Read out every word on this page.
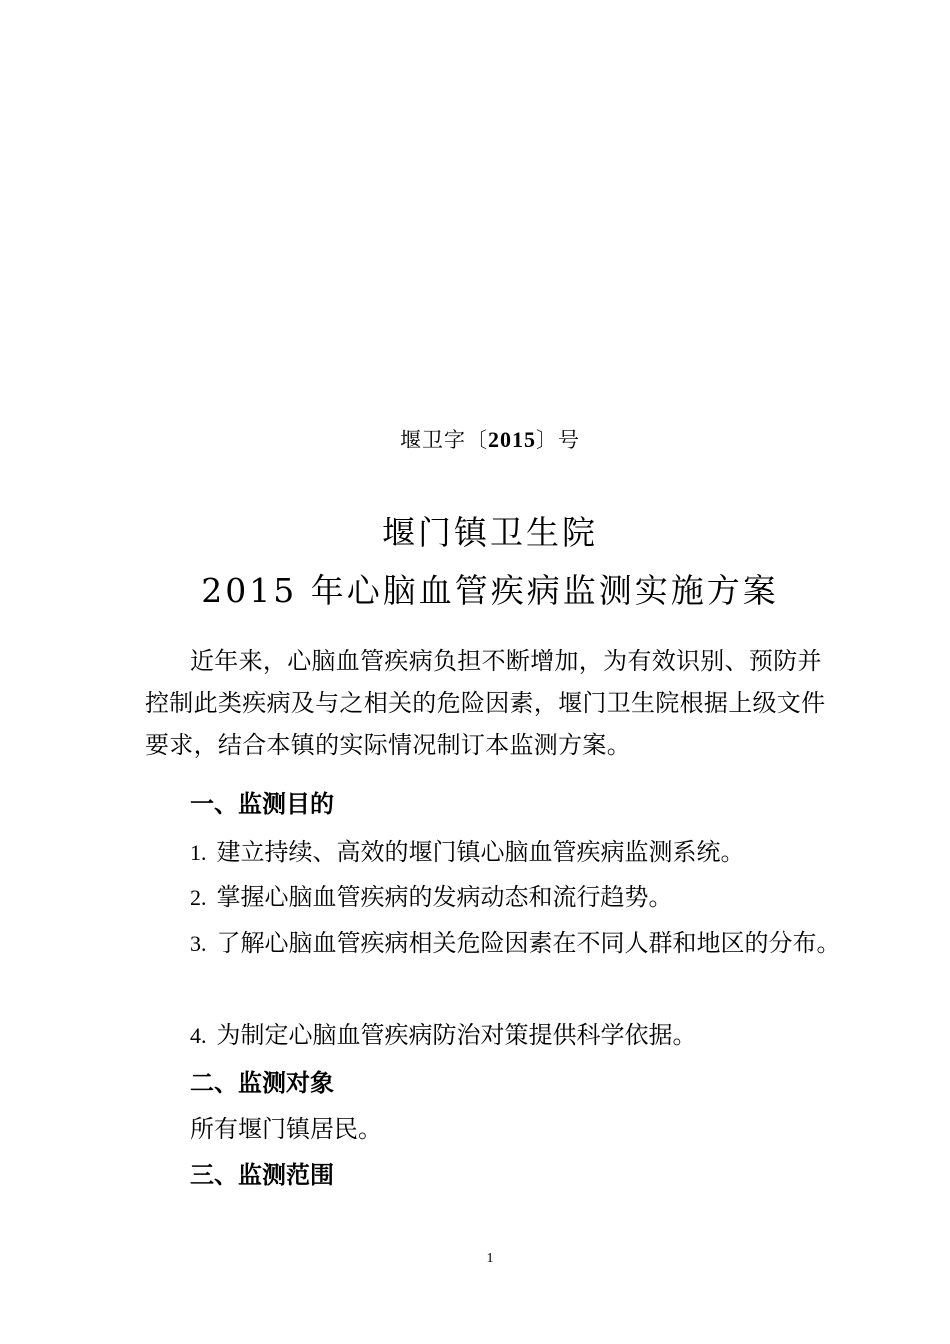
堰卫字〔2015〕号
堰门镇卫生院
2015 年心脑血管疾病监测实施方案
近年来，心脑血管疾病负担不断增加，为有效识别、预防并控制此类疾病及与之相关的危险因素，堰门卫生院根据上级文件要求，结合本镇的实际情况制订本监测方案。
一、监测目的
1. 建立持续、高效的堰门镇心脑血管疾病监测系统。
2. 掌握心脑血管疾病的发病动态和流行趋势。
3. 了解心脑血管疾病相关危险因素在不同人群和地区的分布。
4. 为制定心脑血管疾病防治对策提供科学依据。
二、监测对象
所有堰门镇居民。
三、监测范围
1
